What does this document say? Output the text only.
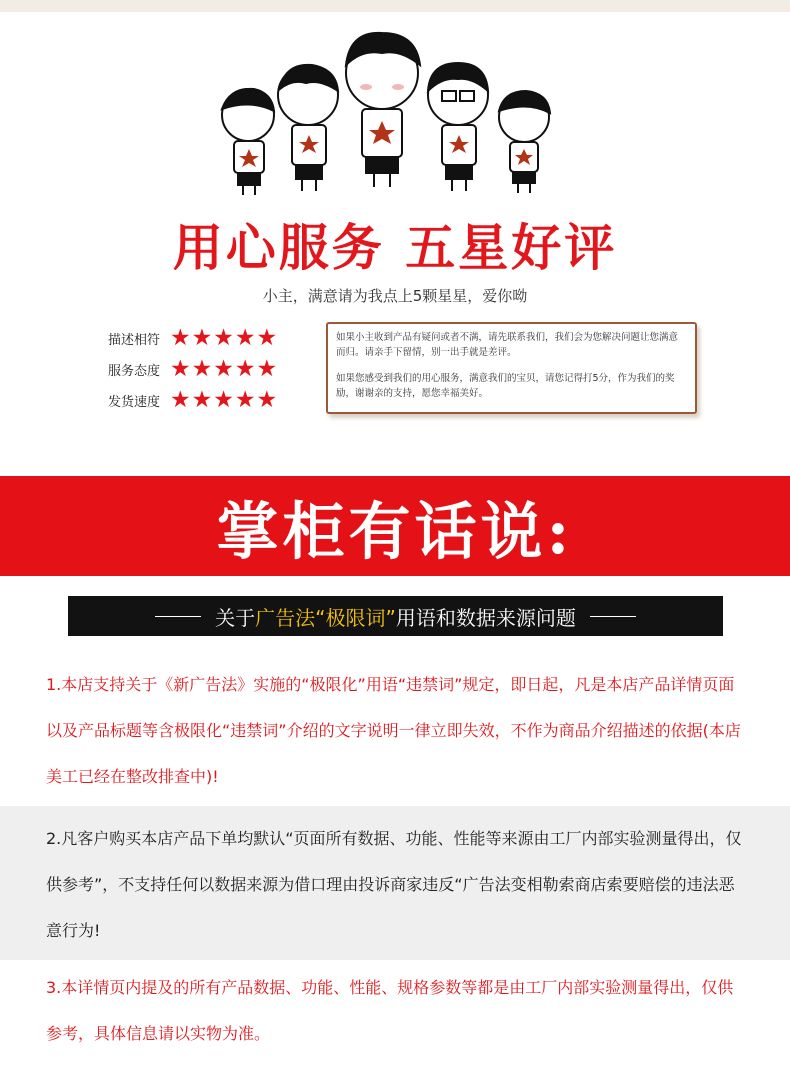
用心服务 五星好评
小主，满意请为我点上5颗星星，爱你呦
描述相符 ★★★★★
服务态度 ★★★★★
发货速度 ★★★★★

如果小主收到产品有疑问或者不满，请先联系我们，我们会为您解决问题让您满意而归。请亲手下留情，别一出手就是差评。

如果您感受到我们的用心服务，满意我们的宝贝，请您记得打5分，作为我们的奖励，谢谢亲的支持，愿您幸福美好。

掌柜有话说:
关于 广告法 “极限词” 用语和数据来源问题
1.本店支持关于《新广告法》实施的“极限化”用语“违禁词”规定，即日起，凡是本店产品详情页面以及产品标题等含极限化“违禁词”介绍的文字说明一律立即失效，不作为商品介绍描述的依据(本店美工已经在整改排查中)!
2.凡客户购买本店产品下单均默认“页面所有数据、功能、性能等来源由工厂内部实验测量得出，仅供参考”，不支持任何以数据来源为借口理由投诉商家违反“广告法变相勒索商店索要赔偿的违法恶意行为!
3.本详情页内提及的所有产品数据、功能、性能、规格参数等都是由工厂内部实验测量得出，仅供参考，具体信息请以实物为准。
